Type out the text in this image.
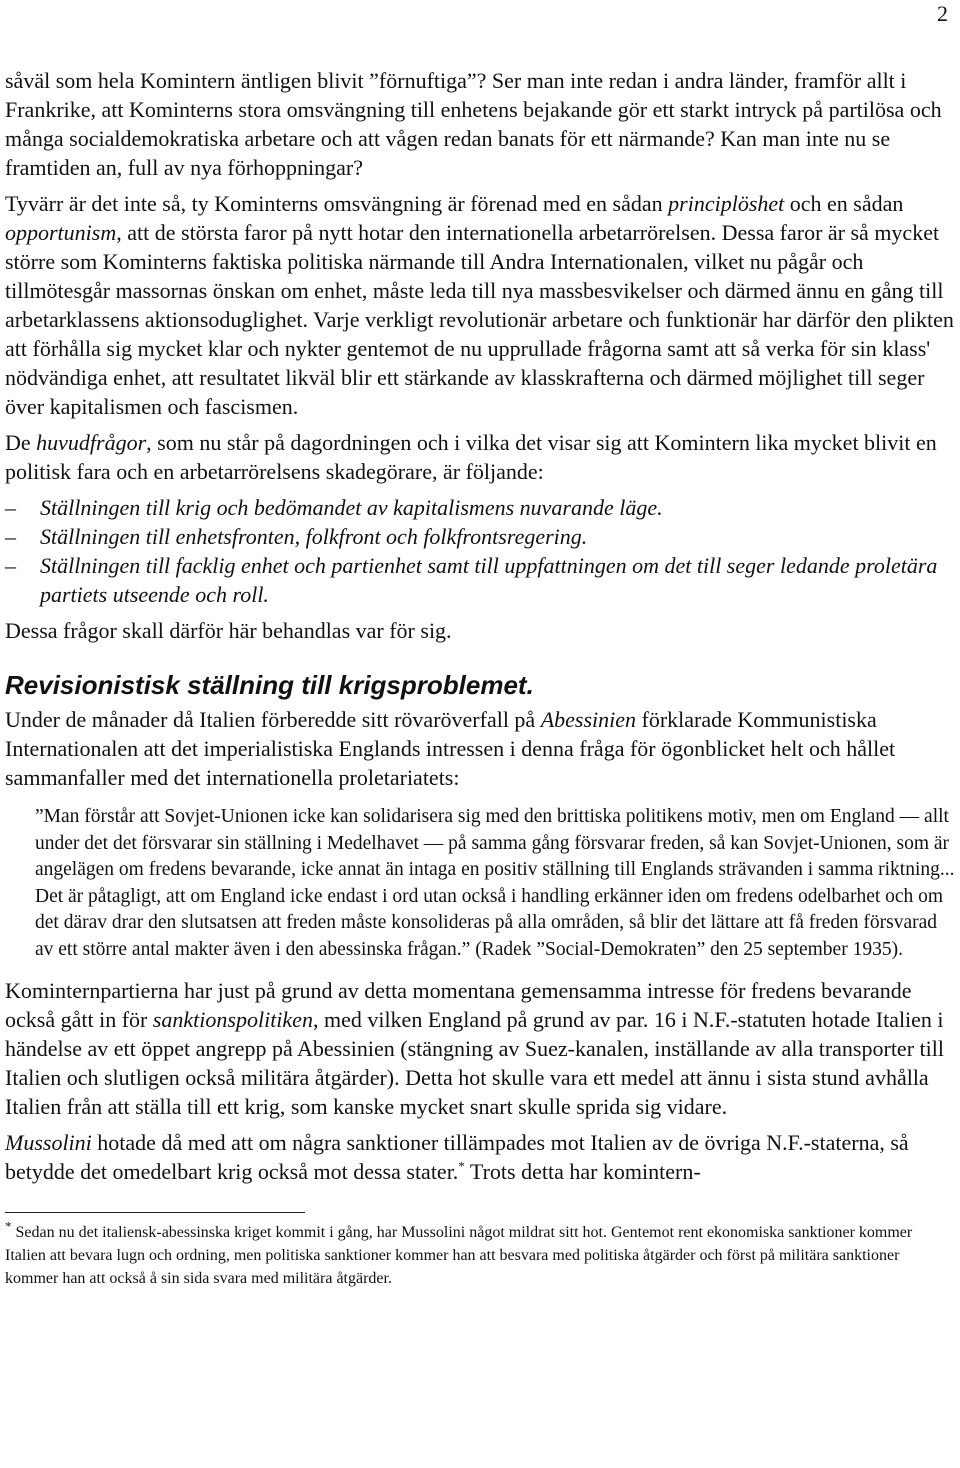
2

såväl som hela Komintern äntligen blivit ”förnuftiga”? Ser man inte redan i andra länder, framför allt i Frankrike, att Kominterns stora omsvängning till enhetens bejakande gör ett starkt intryck på partilösa och många socialdemokratiska arbetare och att vågen redan banats för ett närmande? Kan man inte nu se framtiden an, full av nya förhoppningar?

Tyvärr är det inte så, ty Kominterns omsvängning är förenad med en sådan principlöshet och en sådan opportunism, att de största faror på nytt hotar den internationella arbetarrörelsen. Dessa faror är så mycket större som Kominterns faktiska politiska närmande till Andra Internationalen, vilket nu pågår och tillmötesgår massornas önskan om enhet, måste leda till nya massbesvikelser och därmed ännu en gång till arbetarklassens aktionsoduglighet. Varje verkligt revolutionär arbetare och funktionär har därför den plikten att förhålla sig mycket klar och nykter gentemot de nu upprullade frågorna samt att så verka för sin klass' nödvändiga enhet, att resultatet likväl blir ett stärkande av klasskrafterna och därmed möjlighet till seger över kapitalismen och fascismen.

De huvudfrågor, som nu står på dagordningen och i vilka det visar sig att Komintern lika mycket blivit en politisk fara och en arbetarrörelsens skadegörare, är följande:

– Ställningen till krig och bedömandet av kapitalismens nuvarande läge.
– Ställningen till enhetsfronten, folkfront och folkfrontsregering.
– Ställningen till facklig enhet och partienhet samt till uppfattningen om det till seger ledande proletära partiets utseende och roll.

Dessa frågor skall därför här behandlas var för sig.

Revisionistisk ställning till krigsproblemet.

Under de månader då Italien förberedde sitt rövaröverfall på Abessinien förklarade Kommunistiska Internationalen att det imperialistiska Englands intressen i denna fråga för ögonblicket helt och hållet sammanfaller med det internationella proletariatets:

”Man förstår att Sovjet-Unionen icke kan solidarisera sig med den brittiska politikens motiv, men om England — allt under det det försvarar sin ställning i Medelhavet — på samma gång försvarar freden, så kan Sovjet-Unionen, som är angelägen om fredens bevarande, icke annat än intaga en positiv ställning till Englands strävanden i samma riktning... Det är påtagligt, att om England icke endast i ord utan också i handling erkänner iden om fredens odelbarhet och om det därav drar den slutsatsen att freden måste konsolideras på alla områden, så blir det lättare att få freden försvarad av ett större antal makter även i den abessinska frågan.” (Radek ”Social-Demokraten” den 25 september 1935).

Kominternpartierna har just på grund av detta momentana gemensamma intresse för fredens bevarande också gått in för sanktionspolitiken, med vilken England på grund av par. 16 i N.F.-statuten hotade Italien i händelse av ett öppet angrepp på Abessinien (stängning av Suez-kanalen, inställande av alla transporter till Italien och slutligen också militära åtgärder). Detta hot skulle vara ett medel att ännu i sista stund avhålla Italien från att ställa till ett krig, som kanske mycket snart skulle sprida sig vidare.

Mussolini hotade då med att om några sanktioner tillämpades mot Italien av de övriga N.F.-staterna, så betydde det omedelbart krig också mot dessa stater.* Trots detta har komintern-

* Sedan nu det italiensk-abessinska kriget kommit i gång, har Mussolini något mildrat sitt hot. Gentemot rent ekonomiska sanktioner kommer Italien att bevara lugn och ordning, men politiska sanktioner kommer han att besvara med politiska åtgärder och först på militära sanktioner kommer han att också å sin sida svara med militära åtgärder.
